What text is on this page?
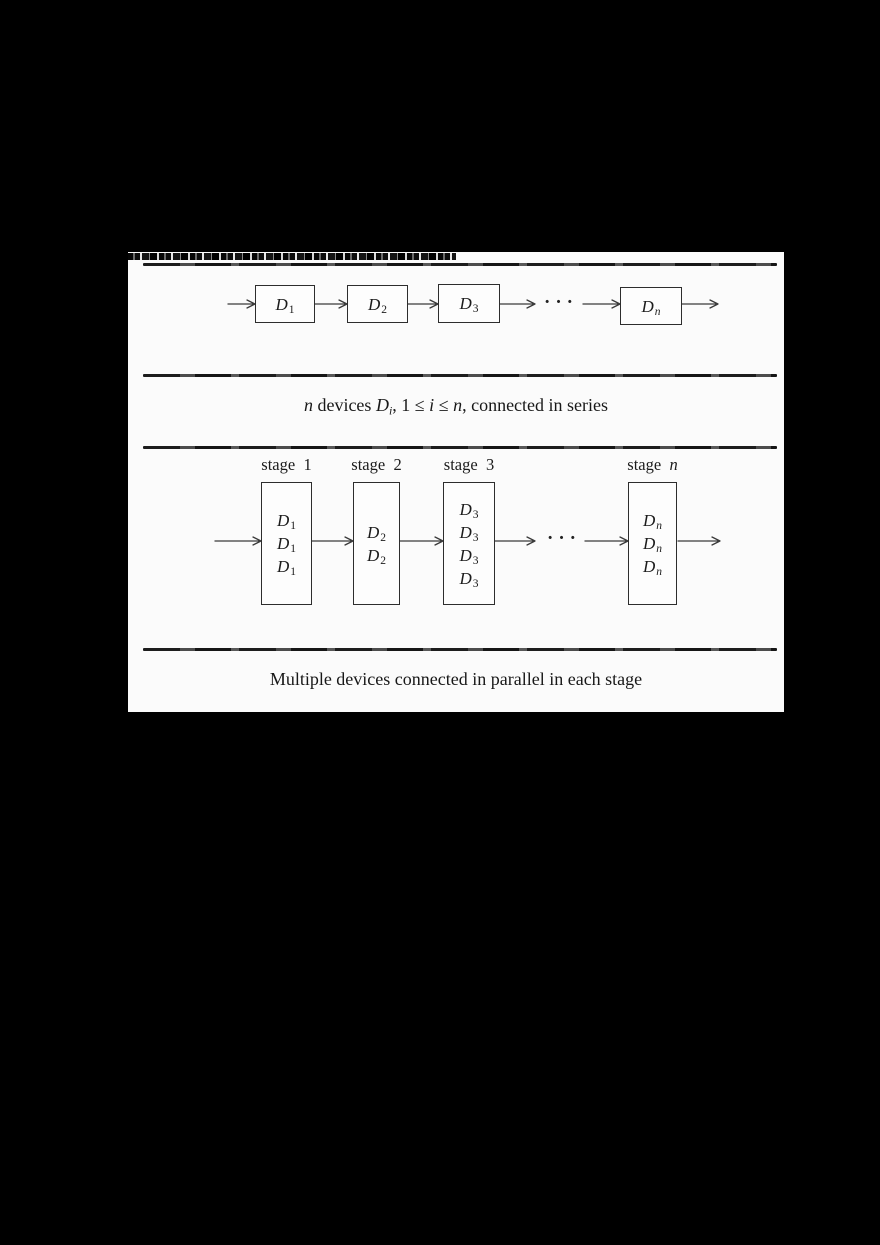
$D_1$	$D_2$	$D_3$	$D_n$
···
n devices $D_i$, 1 ≤ i ≤ n, connected in series
stage 1
$D_1$
$D_1$
$D_1$
stage 2
$D_2$
$D_2$
stage 3
$D_3$
$D_3$
$D_3$
$D_3$
stage n
$D_n$
$D_n$
$D_n$
···
Multiple devices connected in parallel in each stage
